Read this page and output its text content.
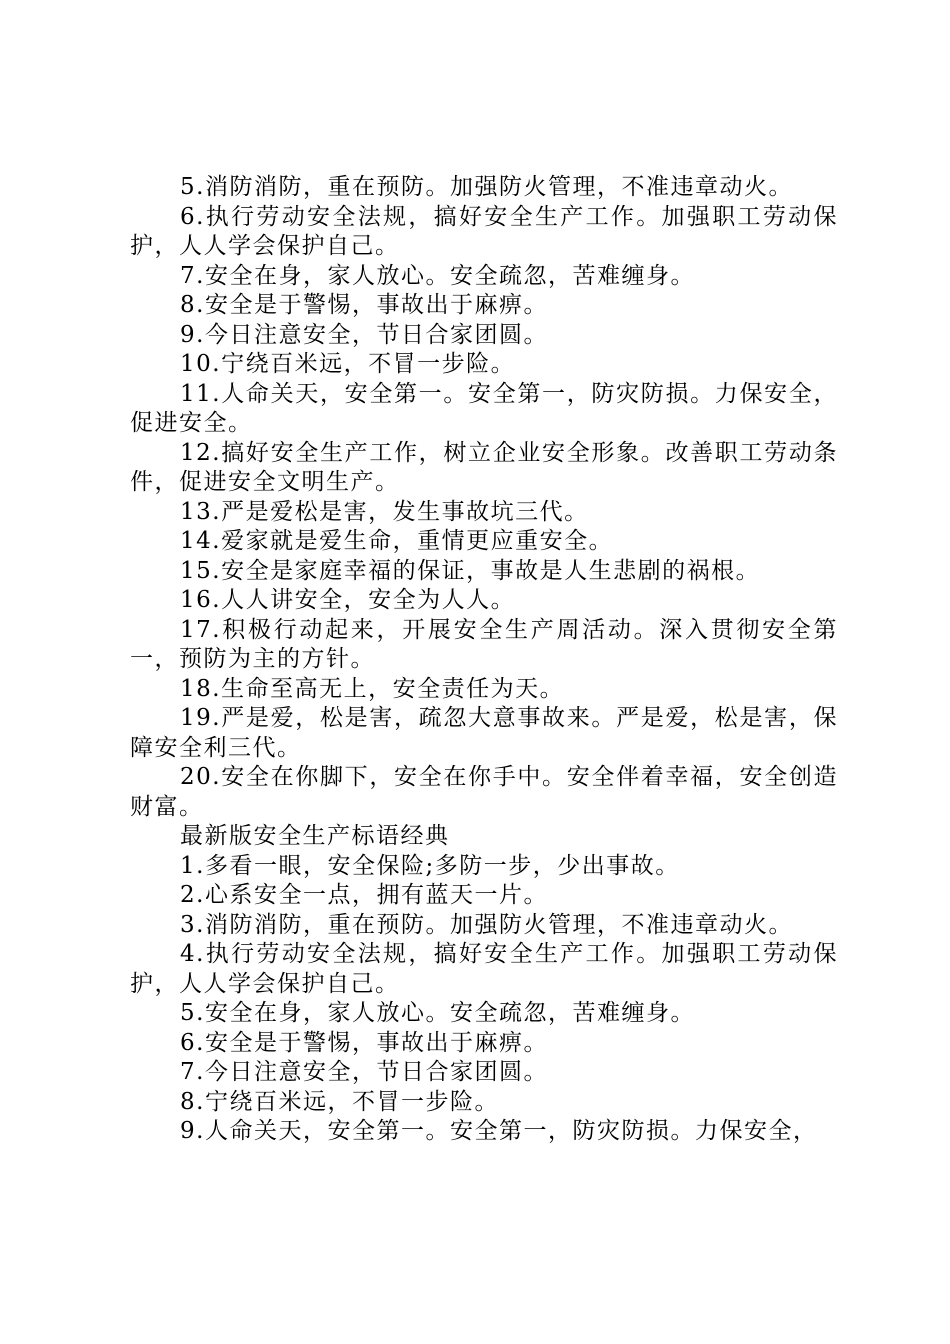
5.消防消防，重在预防。加强防火管理，不准违章动火。

6.执行劳动安全法规，搞好安全生产工作。加强职工劳动保护，人人学会保护自己。

7.安全在身，家人放心。安全疏忽，苦难缠身。

8.安全是于警惕，事故出于麻痹。

9.今日注意安全，节日合家团圆。

10.宁绕百米远，不冒一步险。

11.人命关天，安全第一。安全第一，防灾防损。力保安全，促进安全。

12.搞好安全生产工作，树立企业安全形象。改善职工劳动条件，促进安全文明生产。

13.严是爱松是害，发生事故坑三代。

14.爱家就是爱生命，重情更应重安全。

15.安全是家庭幸福的保证，事故是人生悲剧的祸根。

16.人人讲安全，安全为人人。

17.积极行动起来，开展安全生产周活动。深入贯彻安全第一，预防为主的方针。

18.生命至高无上，安全责任为天。

19.严是爱，松是害，疏忽大意事故来。严是爱，松是害，保障安全利三代。

20.安全在你脚下，安全在你手中。安全伴着幸福，安全创造财富。

最新版安全生产标语经典

1.多看一眼，安全保险;多防一步，少出事故。

2.心系安全一点，拥有蓝天一片。

3.消防消防，重在预防。加强防火管理，不准违章动火。

4.执行劳动安全法规，搞好安全生产工作。加强职工劳动保护，人人学会保护自己。

5.安全在身，家人放心。安全疏忽，苦难缠身。

6.安全是于警惕，事故出于麻痹。

7.今日注意安全，节日合家团圆。

8.宁绕百米远，不冒一步险。

9.人命关天，安全第一。安全第一，防灾防损。力保安全，
